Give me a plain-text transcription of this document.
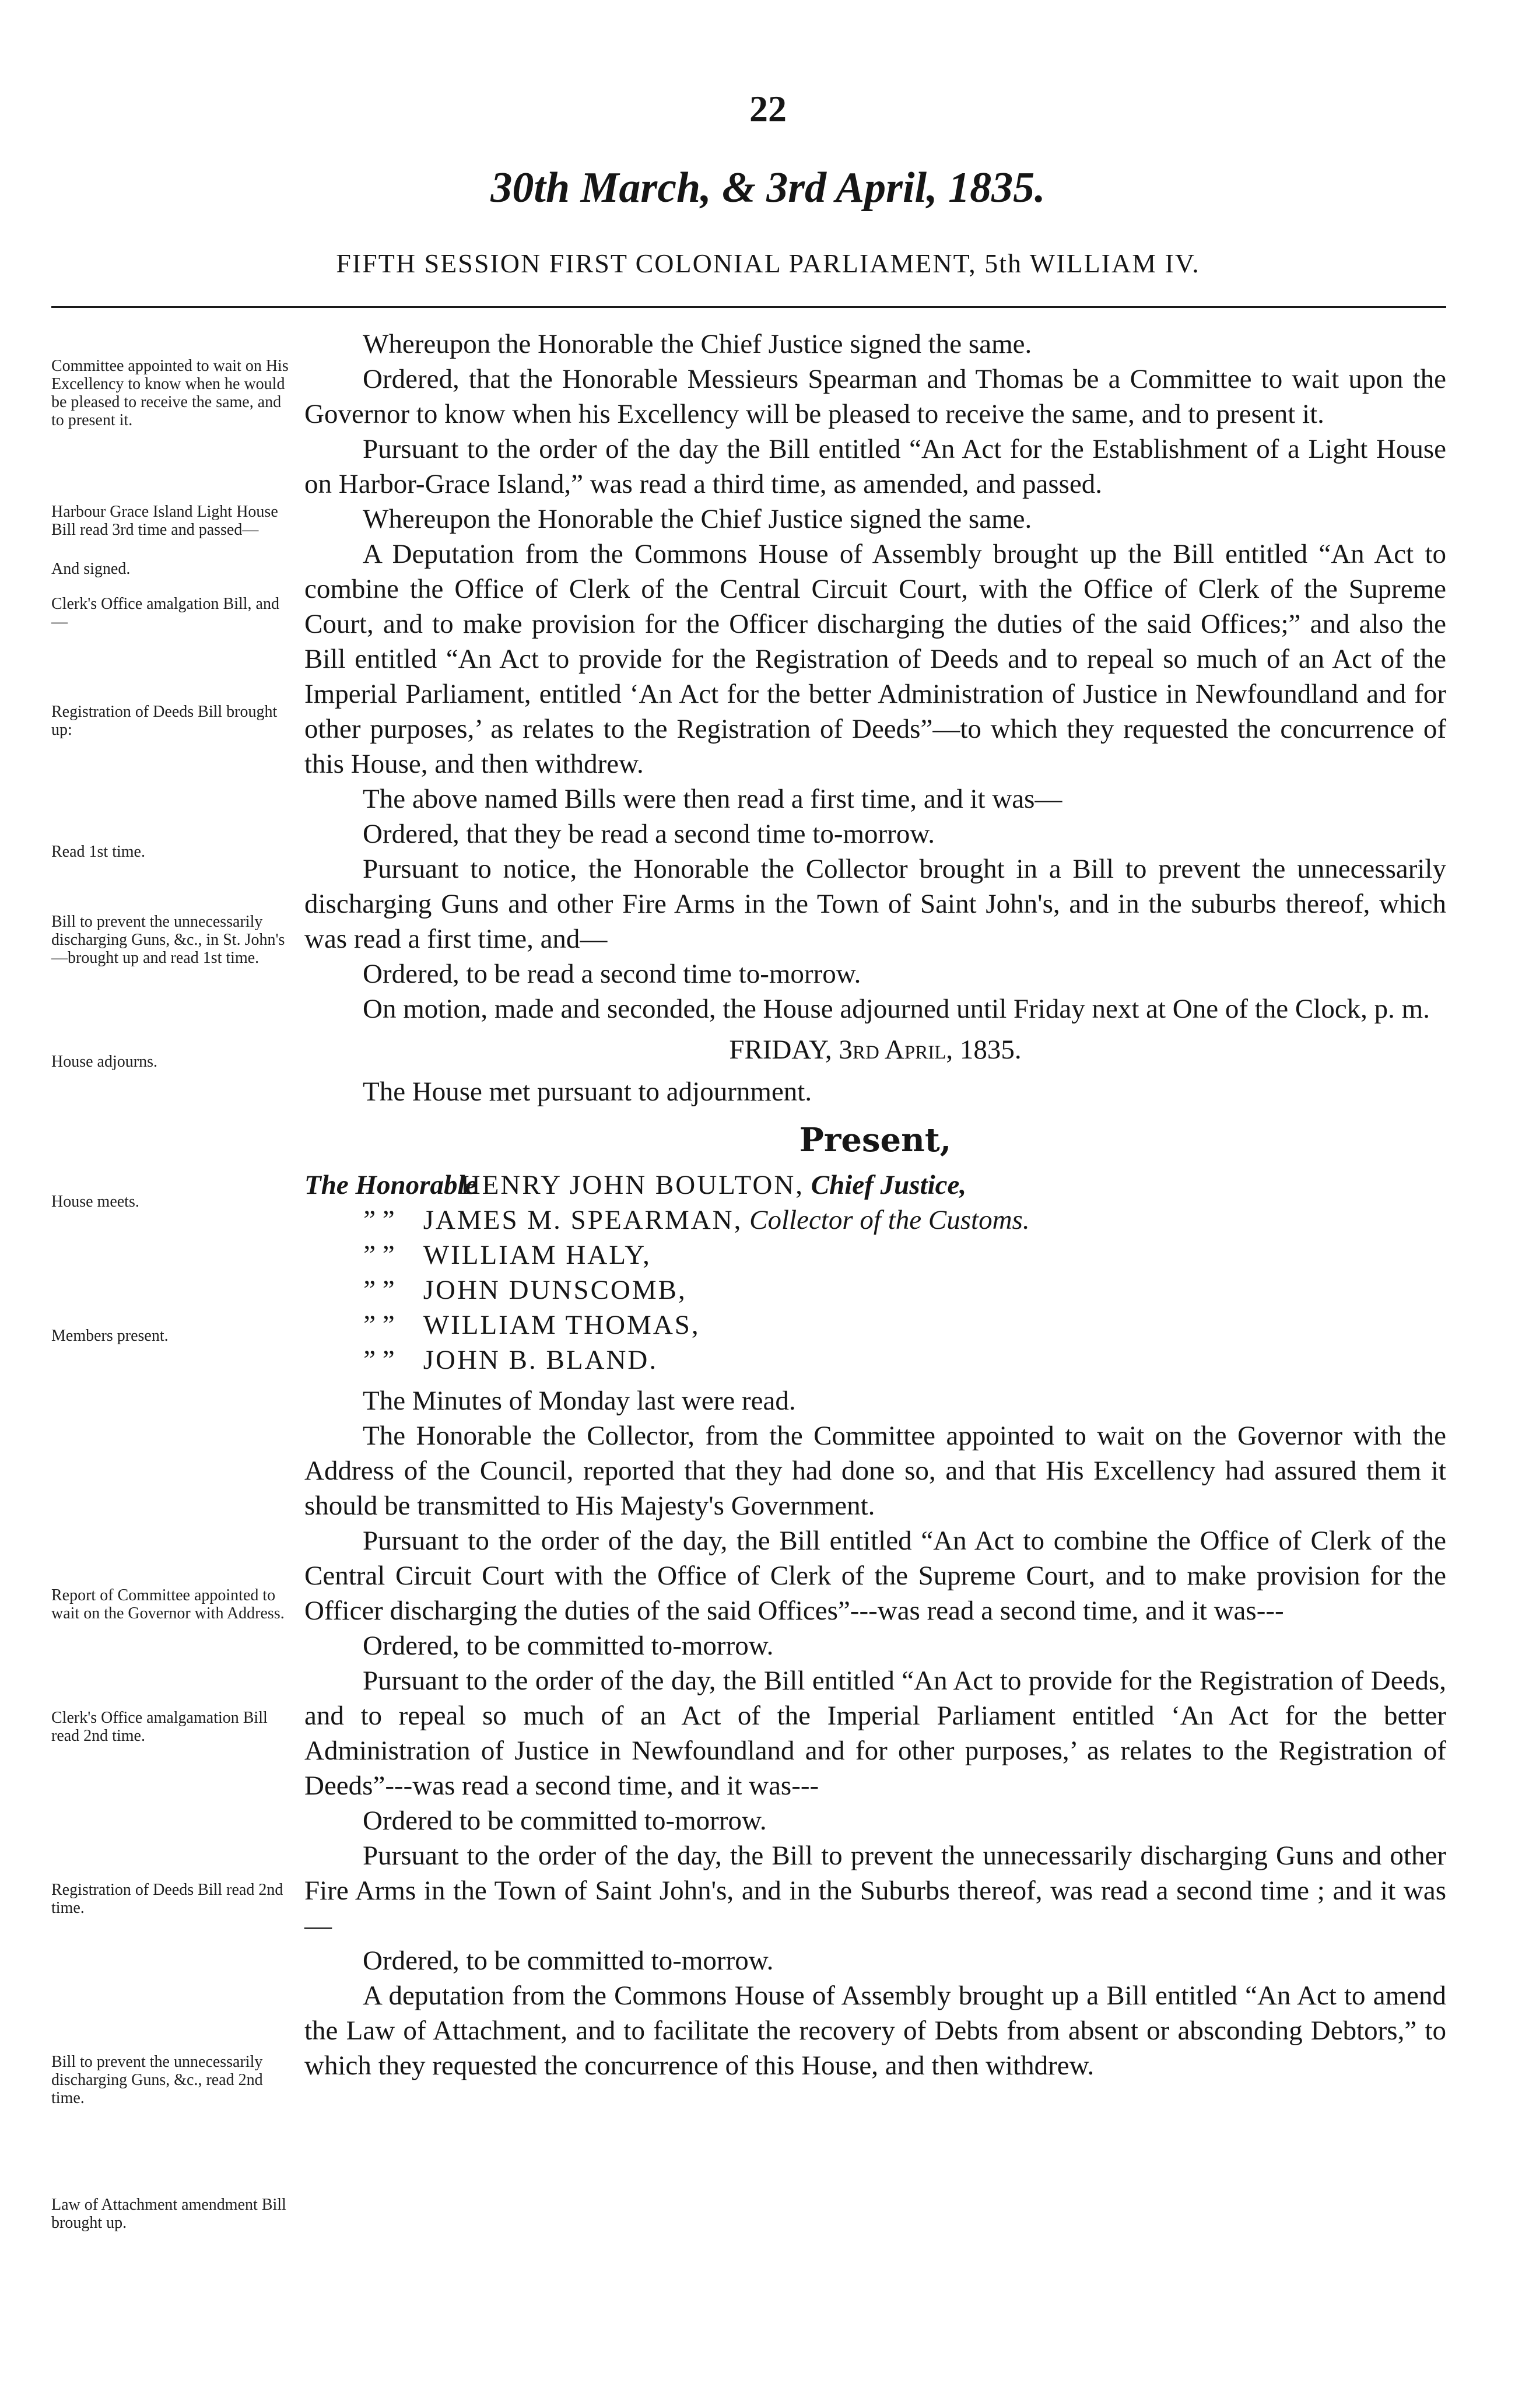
22
30th March, & 3rd April, 1835.
FIFTH SESSION FIRST COLONIAL PARLIAMENT, 5th WILLIAM IV.
Committee appointed to wait on His Excellency to know when he would be pleased to receive the same, and to present it.
Harbour Grace Island Light House Bill read 3rd time and passed—
And signed.
Clerk's Office amalgation Bill, and—
Registration of Deeds Bill brought up:
Read 1st time.
Bill to prevent the unnecessarily discharging Guns, &c., in St. John's —brought up and read 1st time.
House adjourns.
House meets.
Members present.
Report of Committee appointed to wait on the Governor with Address.
Clerk's Office amalgamation Bill read 2nd time.
Registration of Deeds Bill read 2nd time.
Bill to prevent the unnecessarily discharging Guns, &c., read 2nd time.
Law of Attachment amendment Bill brought up.

Whereupon the Honorable the Chief Justice signed the same.

Ordered, that the Honorable Messieurs Spearman and Thomas be a Committee to wait upon the Governor to know when his Excellency will be pleased to receive the same, and to present it.

Pursuant to the order of the day the Bill entitled “An Act for the Establishment of a Light House on Harbor-Grace Island,” was read a third time, as amended, and passed.

Whereupon the Honorable the Chief Justice signed the same.

A Deputation from the Commons House of Assembly brought up the Bill entitled “An Act to combine the Office of Clerk of the Central Circuit Court, with the Office of Clerk of the Supreme Court, and to make provision for the Officer discharging the duties of the said Offices;” and also the Bill entitled “An Act to provide for the Registration of Deeds and to repeal so much of an Act of the Imperial Parliament, entitled ‘An Act for the better Administration of Justice in Newfoundland and for other purposes,’ as relates to the Registration of Deeds”—to which they requested the concurrence of this House, and then withdrew.

The above named Bills were then read a first time, and it was—

Ordered, that they be read a second time to-morrow.

Pursuant to notice, the Honorable the Collector brought in a Bill to prevent the unnecessarily discharging Guns and other Fire Arms in the Town of Saint John's, and in the suburbs thereof, which was read a first time, and—

Ordered, to be read a second time to-morrow.

On motion, made and seconded, the House adjourned until Friday next at One of the Clock, p. m.

FRIDAY, 3rd April, 1835.

The House met pursuant to adjournment.

Present,

The Honorable HENRY JOHN BOULTON, Chief Justice,

” ” JAMES M. SPEARMAN, Collector of the Customs.

” ” WILLIAM HALY,

” ” JOHN DUNSCOMB,

” ” WILLIAM THOMAS,

” ” JOHN B. BLAND.

The Minutes of Monday last were read.

The Honorable the Collector, from the Committee appointed to wait on the Governor with the Address of the Council, reported that they had done so, and that His Excellency had assured them it should be transmitted to His Majesty's Government.

Pursuant to the order of the day, the Bill entitled “An Act to combine the Office of Clerk of the Central Circuit Court with the Office of Clerk of the Supreme Court, and to make provision for the Officer discharging the duties of the said Offices”---was read a second time, and it was---

Ordered, to be committed to-morrow.

Pursuant to the order of the day, the Bill entitled “An Act to provide for the Registration of Deeds, and to repeal so much of an Act of the Imperial Parliament entitled ‘An Act for the better Administration of Justice in Newfoundland and for other purposes,’ as relates to the Registration of Deeds”---was read a second time, and it was---

Ordered to be committed to-morrow.

Pursuant to the order of the day, the Bill to prevent the unnecessarily discharging Guns and other Fire Arms in the Town of Saint John's, and in the Suburbs thereof, was read a second time ; and it was—

Ordered, to be committed to-morrow.

A deputation from the Commons House of Assembly brought up a Bill entitled “An Act to amend the Law of Attachment, and to facilitate the recovery of Debts from absent or absconding Debtors,” to which they requested the concurrence of this House, and then withdrew.
